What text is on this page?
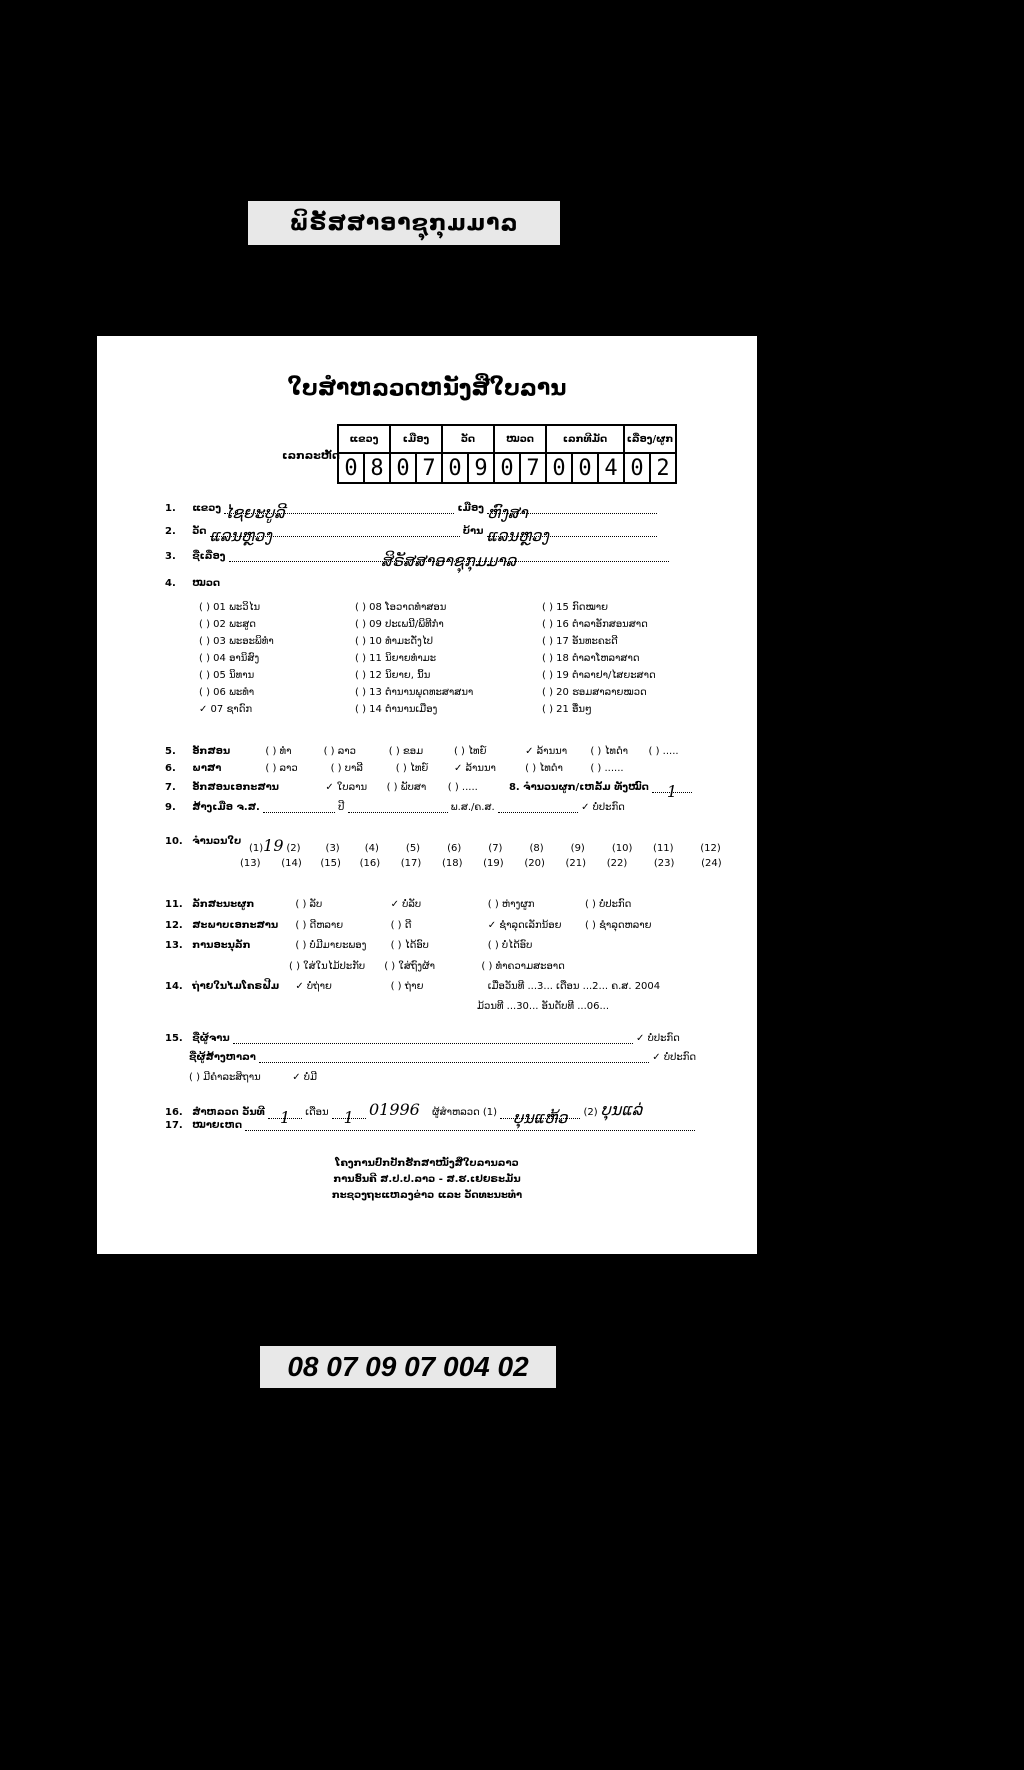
ພິຣັສສາອາຊຸກຸມມາລ
ໃບສຳຫລວດຫນັງສືໃບລານ
ເລກລະຫັດ
ແຂວງ		ເມືອງ		ວັດ		ໝວດ		ເລກທີມັດ			ເລື່ອງ/ຜູກ	
0	8	0	7	0	9	0	7	0	0	4	0	2
1. ແຂວງ ໄຊຍະບູລີ	ເມືອງ ຫົງສາ
2. ວັດ ແລນຫຼວງ	ບ້ານ ແລນຫຼວງ
3. ຊື່ເລື່ອງ	ສິຣັສສາອາຊຸກຸມມາລ
4. ໝວດ
( ) 01 ພະວິໄນ
( ) 02 ພະສູດ
( ) 03 ພະອະພິທຳ
( ) 04 ອານິສົງ
( ) 05 ນິທານ
( ) 06 ພະທຳ
✓ 07 ຊາດົກ
( ) 08 ໂອວາດທຳສອນ
( ) 09 ປະເພນີ/ພິທີກຳ
( ) 10 ທຳມະດັ່ງໄປ
( ) 11 ນິຍາຍທຳມະ
( ) 12 ນິຍາຍ, ນິ້ນ
( ) 13 ຕຳນານພຸດທະສາສນາ
( ) 14 ຕຳນານເມືອງ
( ) 15 ກົດໝາຍ
( ) 16 ຕຳລາອັກສອນສາດ
( ) 17 ອັນທະຄະດີ
( ) 18 ຕຳລາໂຫລາສາດ
( ) 19 ຕຳລາຢາ/ໄສຍະສາດ
( ) 20 ຮອມສາລາຍໝວດ
( ) 21 ອື່ນໆ
5. ອັກສອນ	( ) ທຳ	( ) ລາວ	( ) ຂອມ	( ) ໄທຍ໌	✓ ລ້ານນາ ( ) ໄທດຳ ( ) .....
6. ພາສາ	( ) ລາວ	( ) ບາລີ	( ) ໄທຍ໌	✓ ລ້ານນາ	( ) ໄທດຳ	( ) ......
7. ອັກສອນເອກະສານ	✓ ໃບລານ ( ) ພັບສາ ( ) .....	8. ຈຳນວນຜູກ/ເຫລັ້ມ ທັງໝົດ 1
9. ສ້າງເມື່ອ ຈ.ສ.	ປີ	ພ.ສ./ຄ.ສ.	✓ ບໍ່ປະກົດ
10. ຈຳນວນໃບ
(1)19 (2)	(3)	(4)	(5)	(6)	(7)	(8)	(9)	(10) (11)	(12)
(13) (14) (15) (16) (17) (18) (19) (20) (21) (22)	(23)	(24)
11. ລັກສະນະຜູກ	( ) ລັບ	✓ ບໍ່ລັບ	( ) ຫ່າງຜູກ	( ) ບໍ່ປະກົດ
12. ສະພາບເອກະສານ ( ) ດີຫລາຍ	( ) ດີ	✓ ຊຳລຸດເລັກນ້ອຍ ( ) ຊຳລຸດຫລາຍ
13. ການອະນຸລັກ	( ) ບໍ່ມີມາຍະພອງ ( ) ໄດ້ອົບ	( ) ບໍ່ໄດ້ອົບ
( ) ໃສ່ໃນໄມ້ປະກັບ ( ) ໃສ່ຖົງຜ້າ	( ) ທຳຄວາມສະອາດ
14. ຖ່າຍໃນໄມໂຄຣຟີມ ✓ ບໍ່ຖ່າຍ	( ) ຖ່າຍ	ເມື່ອວັນທີ ...3... ເດືອນ ...2... ຄ.ສ. 2004
ມ້ວນທີ ...30... ອັນດັບທີ ...06...
15. ຊື່ຜູ້ຈານ	✓ ບໍ່ປະກົດ
ຊື່ຜູ້ສ້າງຫາລາ	✓ ບໍ່ປະກົດ
( ) ມີຄຳລະສິຖານ	✓ ບໍ່ມີ
16. ສຳຫລວດ ວັນທີ 1 ເດືອນ 1 01996 ຜູ້ສຳຫລວດ (1) ບຸນແຫ້ວ (2) ບຸນແລ່
17. ໝາຍເຫດ
ໂຄງການປົກປັກຮັກສາໜັງສືໃບລານລາວ
ການອົນຄີ ສ.ປ.ປ.ລາວ - ສ.ຮ.ເຢຍຣະມັນ
ກະຊວງຖະແຫລງຂ່າວ ແລະ ວັດທະນະທຳ
08 07 09 07 004 02
